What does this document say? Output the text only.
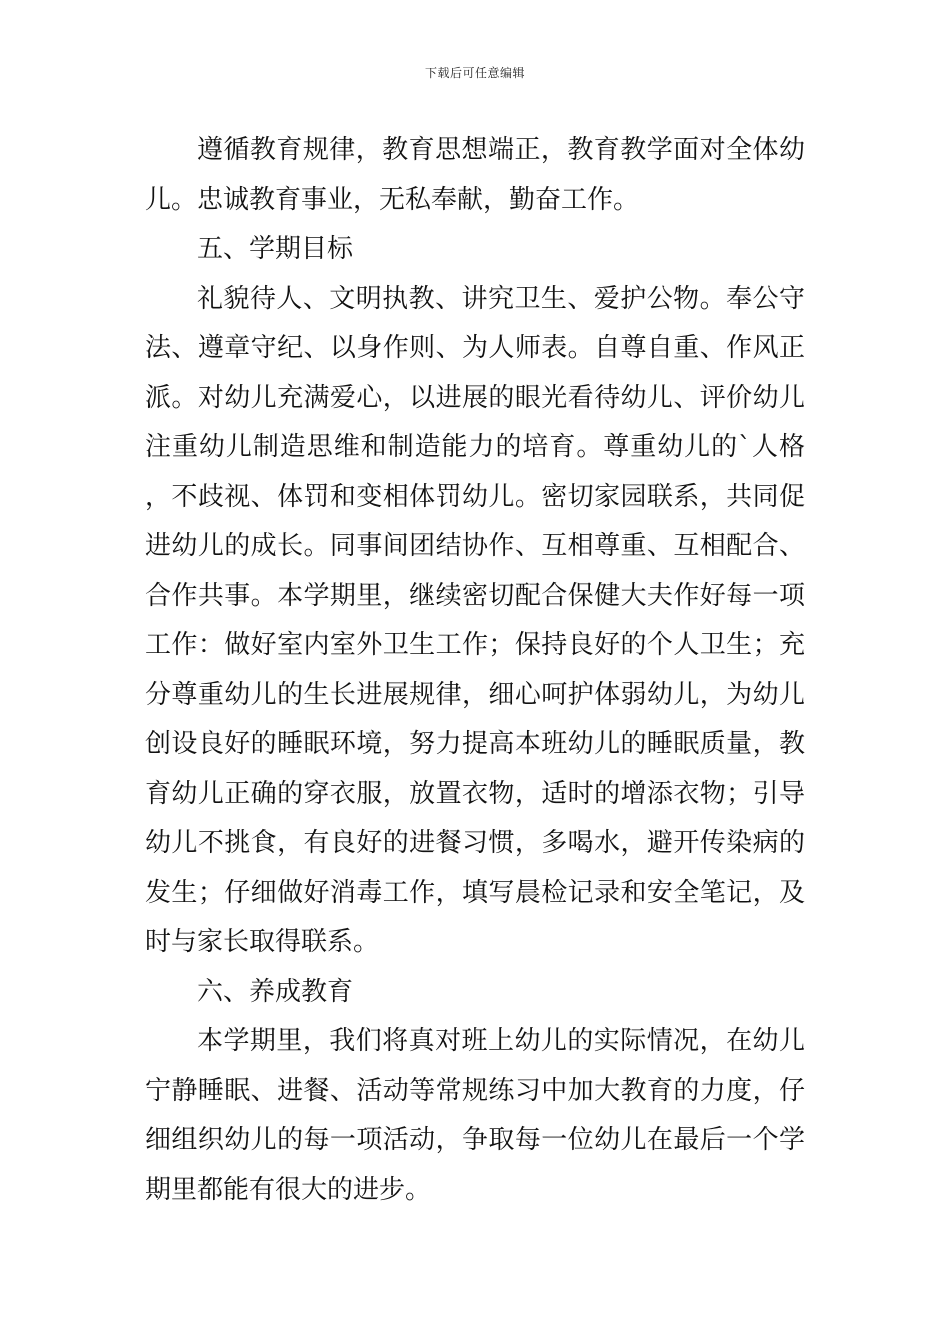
下载后可任意编辑

遵循教育规律，教育思想端正，教育教学面对全体幼儿。忠诚教育事业，无私奉献，勤奋工作。

五、学期目标

礼貌待人、文明执教、讲究卫生、爱护公物。奉公守法、遵章守纪、以身作则、为人师表。自尊自重、作风正派。对幼儿充满爱心，以进展的眼光看待幼儿、评价幼儿注重幼儿制造思维和制造能力的培育。尊重幼儿的`人格，不歧视、体罚和变相体罚幼儿。密切家园联系，共同促进幼儿的成长。同事间团结协作、互相尊重、互相配合、合作共事。本学期里，继续密切配合保健大夫作好每一项工作：做好室内室外卫生工作；保持良好的个人卫生；充分尊重幼儿的生长进展规律，细心呵护体弱幼儿，为幼儿创设良好的睡眠环境，努力提高本班幼儿的睡眠质量，教育幼儿正确的穿衣服，放置衣物，适时的增添衣物；引导幼儿不挑食，有良好的进餐习惯，多喝水，避开传染病的发生；仔细做好消毒工作，填写晨检记录和安全笔记，及时与家长取得联系。

六、养成教育

本学期里，我们将真对班上幼儿的实际情况，在幼儿宁静睡眠、进餐、活动等常规练习中加大教育的力度，仔细组织幼儿的每一项活动，争取每一位幼儿在最后一个学期里都能有很大的进步。
